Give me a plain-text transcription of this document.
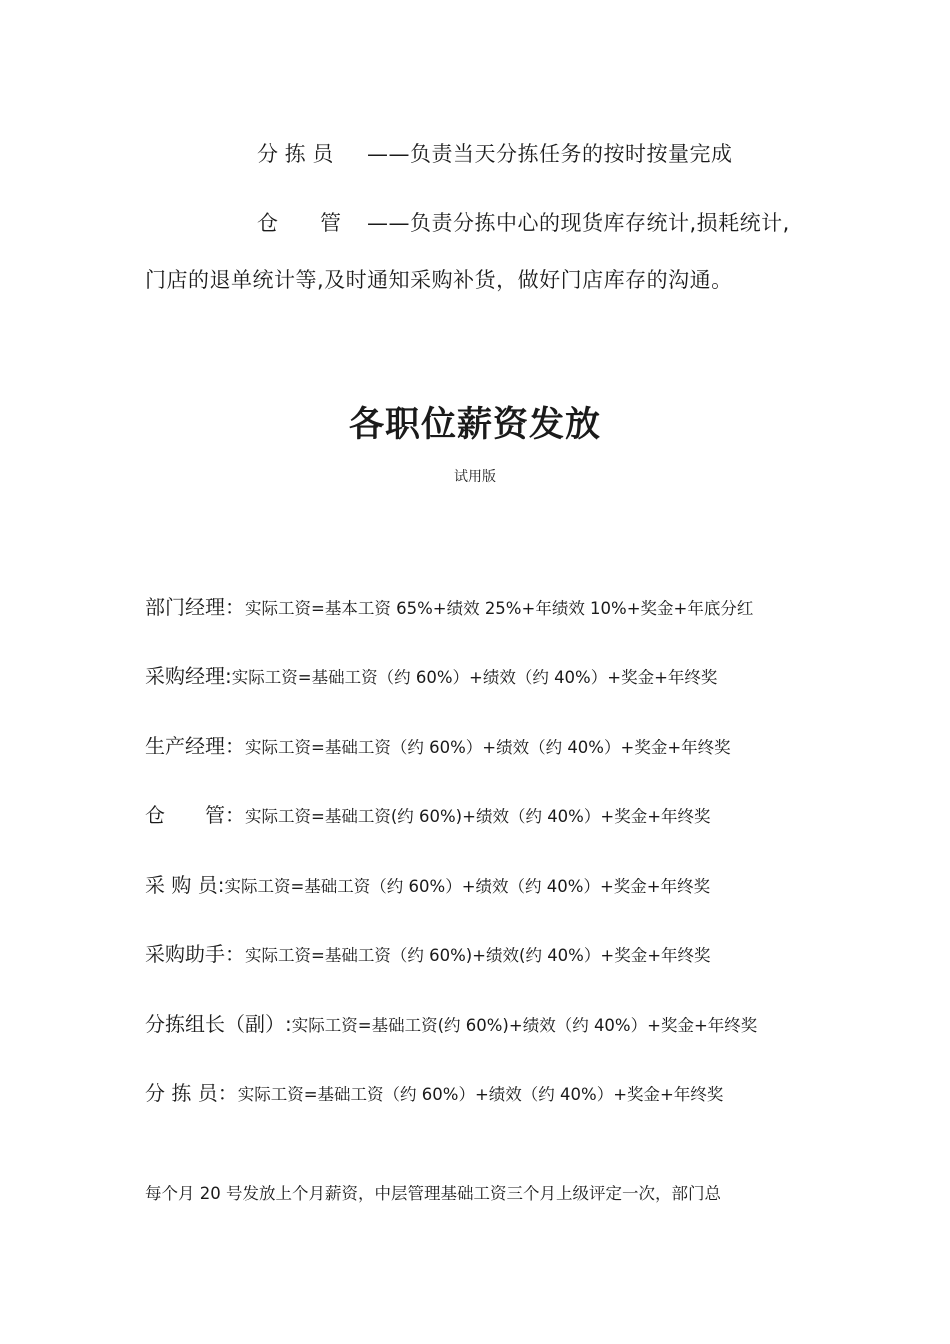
分 拣 员 ——负责当天分拣任务的按时按量完成
仓　　管 ——负责分拣中心的现货库存统计,损耗统计,
门店的退单统计等,及时通知采购补货，做好门店库存的沟通。
各职位薪资发放
试用版
部门经理：实际工资=基本工资 65%+绩效 25%+年绩效 10%+奖金+年底分红
采购经理:实际工资=基础工资（约 60%）+绩效（约 40%）+奖金+年终奖
生产经理：实际工资=基础工资（约 60%）+绩效（约 40%）+奖金+年终奖
仓　　管：实际工资=基础工资(约 60%)+绩效（约 40%）+奖金+年终奖
采 购 员:实际工资=基础工资（约 60%）+绩效（约 40%）+奖金+年终奖
采购助手：实际工资=基础工资（约 60%)+绩效(约 40%）+奖金+年终奖
分拣组长（副）:实际工资=基础工资(约 60%)+绩效（约 40%）+奖金+年终奖
分 拣 员：实际工资=基础工资（约 60%）+绩效（约 40%）+奖金+年终奖
每个月 20 号发放上个月薪资，中层管理基础工资三个月上级评定一次，部门总
